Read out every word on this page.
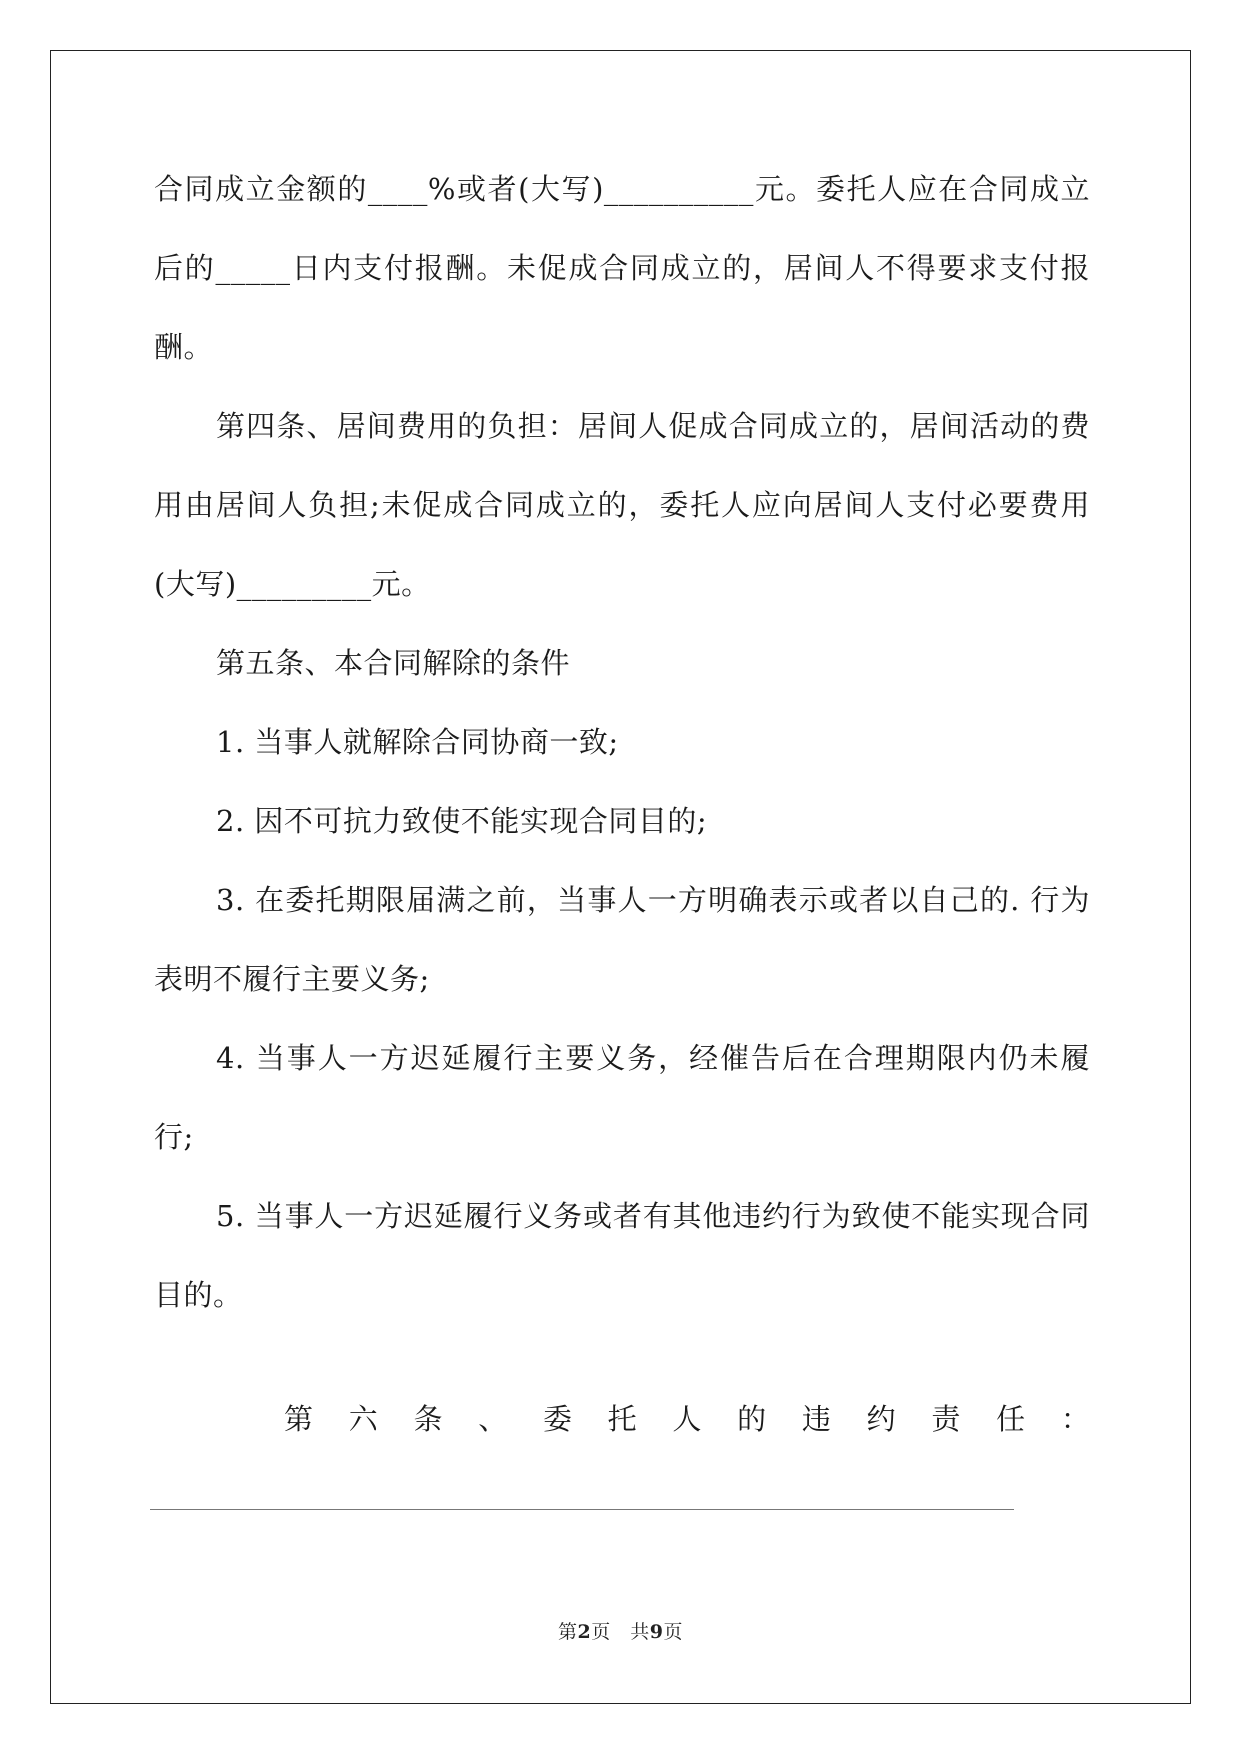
合同成立金额的____%或者(大写)__________元。委托人应在合同成立后的_____日内支付报酬。未促成合同成立的，居间人不得要求支付报酬。

第四条、居间费用的负担：居间人促成合同成立的，居间活动的费用由居间人负担;未促成合同成立的，委托人应向居间人支付必要费用(大写)_________元。

第五条、本合同解除的条件

1. 当事人就解除合同协商一致;

2. 因不可抗力致使不能实现合同目的;

3. 在委托期限届满之前，当事人一方明确表示或者以自己的. 行为表明不履行主要义务;

4. 当事人一方迟延履行主要义务，经催告后在合理期限内仍未履行;

5. 当事人一方迟延履行义务或者有其他违约行为致使不能实现合同目的。

第 六 条 、 委 托 人 的 违 约 责 任 ：
第2页　共9页
